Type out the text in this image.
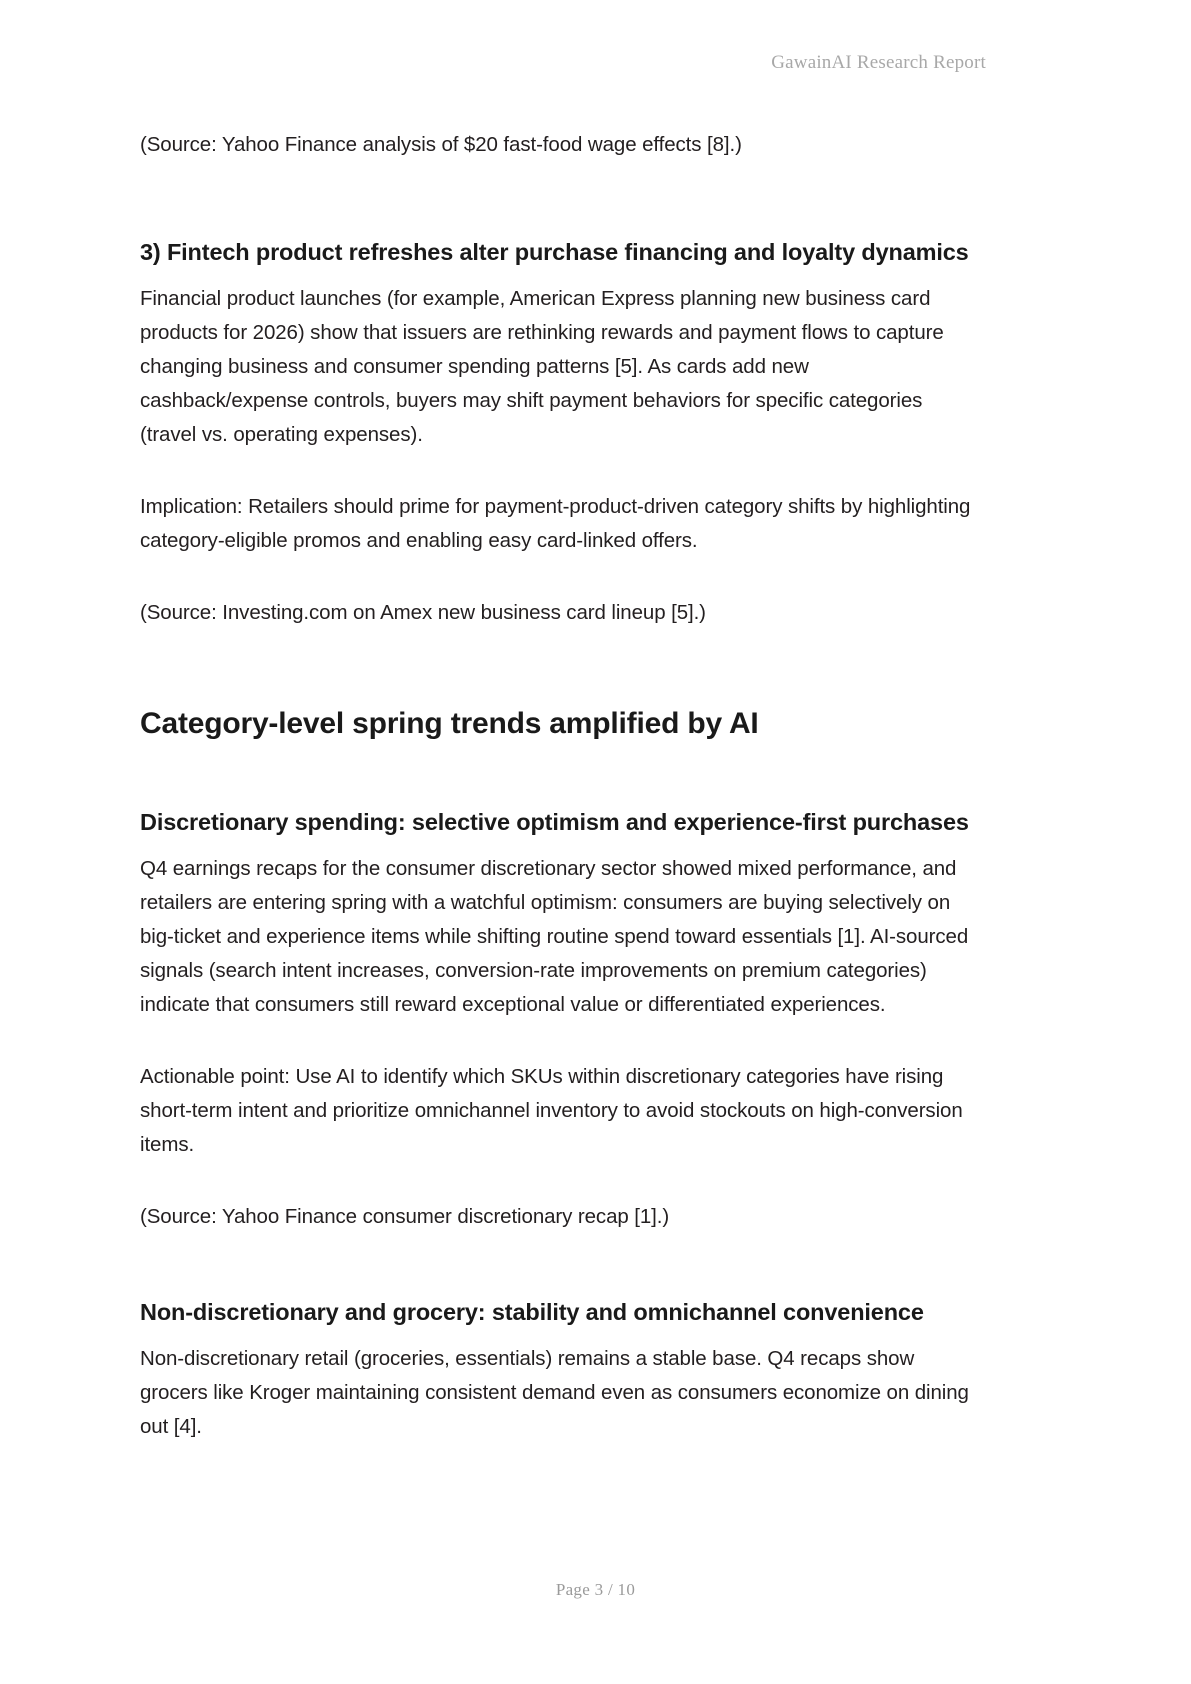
GawainAI Research Report

(Source: Yahoo Finance analysis of $20 fast-food wage effects [8].)

3) Fintech product refreshes alter purchase financing and loyalty dynamics

Financial product launches (for example, American Express planning new business card products for 2026) show that issuers are rethinking rewards and payment flows to capture changing business and consumer spending patterns [5]. As cards add new cashback/expense controls, buyers may shift payment behaviors for specific categories (travel vs. operating expenses).

Implication: Retailers should prime for payment-product-driven category shifts by highlighting category-eligible promos and enabling easy card-linked offers.

(Source: Investing.com on Amex new business card lineup [5].)

Category-level spring trends amplified by AI
Discretionary spending: selective optimism and experience-first purchases

Q4 earnings recaps for the consumer discretionary sector showed mixed performance, and retailers are entering spring with a watchful optimism: consumers are buying selectively on big-ticket and experience items while shifting routine spend toward essentials [1]. AI-sourced signals (search intent increases, conversion-rate improvements on premium categories) indicate that consumers still reward exceptional value or differentiated experiences.

Actionable point: Use AI to identify which SKUs within discretionary categories have rising short-term intent and prioritize omnichannel inventory to avoid stockouts on high-conversion items.

(Source: Yahoo Finance consumer discretionary recap [1].)

Non-discretionary and grocery: stability and omnichannel convenience

Non-discretionary retail (groceries, essentials) remains a stable base. Q4 recaps show grocers like Kroger maintaining consistent demand even as consumers economize on dining out [4].

Page 3 / 10
